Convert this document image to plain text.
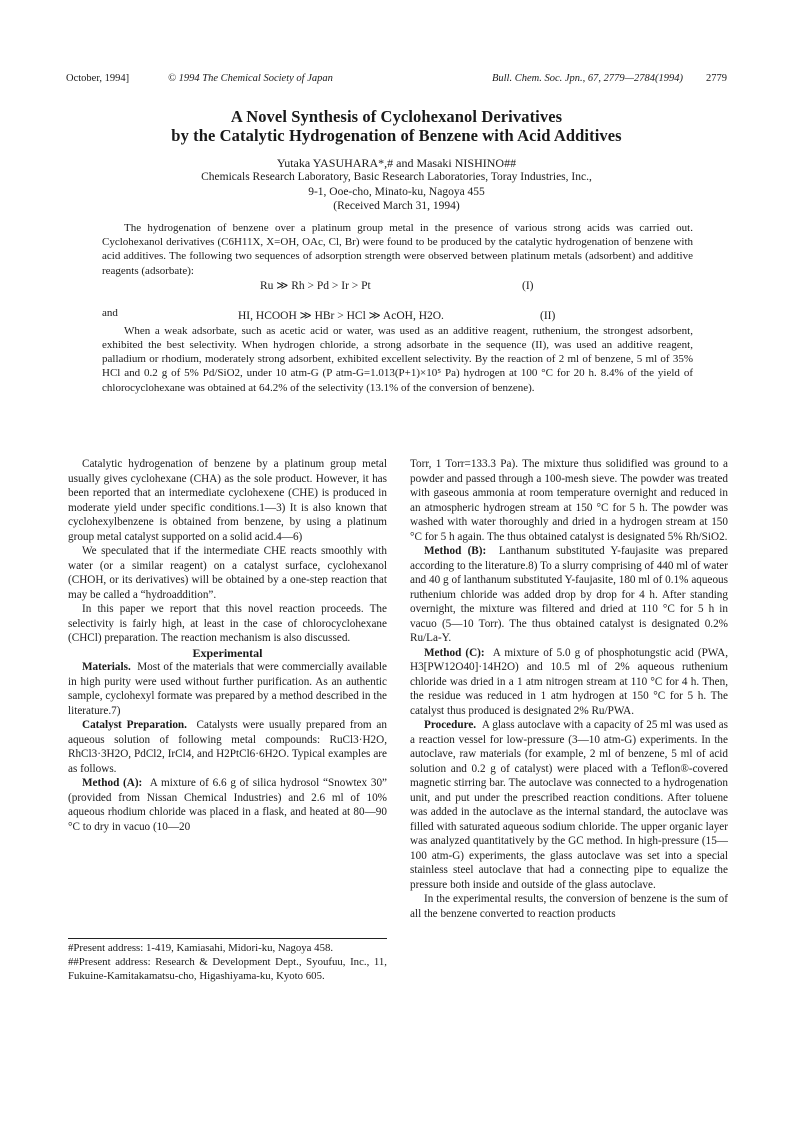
October, 1994]	© 1994 The Chemical Society of Japan	Bull. Chem. Soc. Jpn., 67, 2779—2784(1994) 2779
A Novel Synthesis of Cyclohexanol Derivatives
by the Catalytic Hydrogenation of Benzene with Acid Additives
Yutaka YASUHARA*,# and Masaki NISHINO##
Chemicals Research Laboratory, Basic Research Laboratories, Toray Industries, Inc.,
9-1, Ooe-cho, Minato-ku, Nagoya 455
(Received March 31, 1994)

The hydrogenation of benzene over a platinum group metal in the presence of various strong acids was carried out. Cyclohexanol derivatives (C6H11X, X=OH, OAc, Cl, Br) were found to be produced by the catalytic hydrogenation of benzene with acid additives. The following two sequences of adsorption strength were observed between platinum metals (adsorbent) and additive reagents (adsorbate):

Ru ≫ Rh > Pd > Ir > Pt	(I)
HI, HCOOH ≫ HBr > HCl ≫ AcOH, H2O.	(II)

When a weak adsorbate, such as acetic acid or water, was used as an additive reagent, ruthenium, the strongest adsorbent, exhibited the best selectivity. When hydrogen chloride, a strong adsorbate in the sequence (II), was used an additive reagent, palladium or rhodium, moderately strong adsorbent, exhibited excellent selectivity. By the reaction of 2 ml of benzene, 5 ml of 35% HCl and 0.2 g of 5% Pd/SiO2, under 10 atm-G (P atm-G=1.013(P+1)×10⁵ Pa) hydrogen at 100 °C for 20 h. 8.4% of the yield of chlorocyclohexane was obtained at 64.2% of the selectivity (13.1% of the conversion of benzene).

and

Catalytic hydrogenation of benzene by a platinum group metal usually gives cyclohexane (CHA) as the sole product. However, it has been reported that an intermediate cyclohexene (CHE) is produced in moderate yield under specific conditions.1—3) It is also known that cyclohexylbenzene is obtained from benzene, by using a platinum group metal catalyst supported on a solid acid.4—6)

We speculated that if the intermediate CHE reacts smoothly with water (or a similar reagent) on a catalyst surface, cyclohexanol (CHOH, or its derivatives) will be obtained by a one-step reaction that may be called a “hydroaddition”.

In this paper we report that this novel reaction proceeds. The selectivity is fairly high, at least in the case of chlorocyclohexane (CHCl) preparation. The reaction mechanism is also discussed.

Experimental

Materials. Most of the materials that were commercially available in high purity were used without further purification. As an authentic sample, cyclohexyl formate was prepared by a method described in the literature.7)

Catalyst Preparation. Catalysts were usually prepared from an aqueous solution of following metal compounds: RuCl3·H2O, RhCl3·3H2O, PdCl2, IrCl4, and H2PtCl6·6H2O. Typical examples are as follows.

Method (A): A mixture of 6.6 g of silica hydrosol “Snowtex 30” (provided from Nissan Chemical Industries) and 2.6 ml of 10% aqueous rhodium chloride was placed in a flask, and heated at 80—90 °C to dry in vacuo (10—20

#Present address: 1-419, Kamiasahi, Midori-ku, Nagoya 458.

##Present address: Research & Development Dept., Syoufuu, Inc., 11, Fukuine-Kamitakamatsu-cho, Higashiyama-ku, Kyoto 605.

Torr, 1 Torr=133.3 Pa). The mixture thus solidified was ground to a powder and passed through a 100-mesh sieve. The powder was treated with gaseous ammonia at room temperature overnight and reduced in an atmospheric hydrogen stream at 150 °C for 5 h. The powder was washed with water thoroughly and dried in a hydrogen stream at 150 °C for 5 h again. The thus obtained catalyst is designated 5% Rh/SiO2.

Method (B): Lanthanum substituted Y-faujasite was prepared according to the literature.8) To a slurry comprising of 440 ml of water and 40 g of lanthanum substituted Y-faujasite, 180 ml of 0.1% aqueous ruthenium chloride was added drop by drop for 4 h. After standing overnight, the mixture was filtered and dried at 110 °C for 5 h in vacuo (5—10 Torr). The thus obtained catalyst is designated 0.2% Ru/La-Y.

Method (C): A mixture of 5.0 g of phosphotungstic acid (PWA, H3[PW12O40]·14H2O) and 10.5 ml of 2% aqueous ruthenium chloride was dried in a 1 atm nitrogen stream at 110 °C for 4 h. Then, the residue was reduced in 1 atm hydrogen at 150 °C for 5 h. The catalyst thus produced is designated 2% Ru/PWA.

Procedure. A glass autoclave with a capacity of 25 ml was used as a reaction vessel for low-pressure (3—10 atm-G) experiments. In the autoclave, raw materials (for example, 2 ml of benzene, 5 ml of acid solution and 0.2 g of catalyst) were placed with a Teflon®-covered magnetic stirring bar. The autoclave was connected to a hydrogenation unit, and put under the prescribed reaction conditions. After toluene was added in the autoclave as the internal standard, the autoclave was filled with saturated aqueous sodium chloride. The upper organic layer was analyzed quantitatively by the GC method. In high-pressure (15—100 atm-G) experiments, the glass autoclave was set into a special stainless steel autoclave that had a connecting pipe to equalize the pressure both inside and outside of the glass autoclave.

In the experimental results, the conversion of benzene is the sum of all the benzene converted to reaction products
